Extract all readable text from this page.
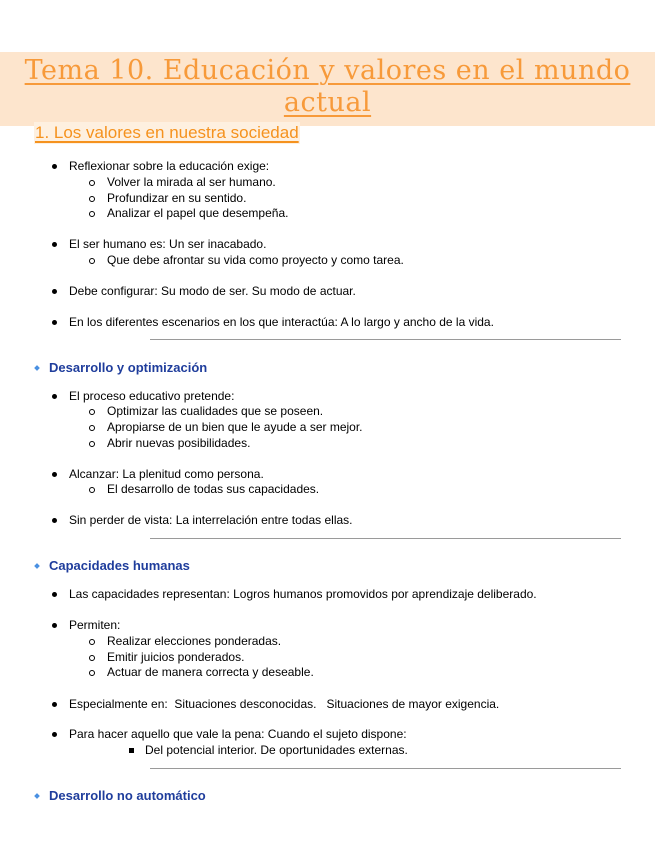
Tema 10. Educación y valores en el mundo actual
1. Los valores en nuestra sociedad
Reflexionar sobre la educación exige:
Volver la mirada al ser humano.
Profundizar en su sentido.
Analizar el papel que desempeña.
El ser humano es: Un ser inacabado.
Que debe afrontar su vida como proyecto y como tarea.
Debe configurar: Su modo de ser. Su modo de actuar.
En los diferentes escenarios en los que interactúa: A lo largo y ancho de la vida.
Desarrollo y optimización
El proceso educativo pretende:
Optimizar las cualidades que se poseen.
Apropiarse de un bien que le ayude a ser mejor.
Abrir nuevas posibilidades.
Alcanzar: La plenitud como persona.
El desarrollo de todas sus capacidades.
Sin perder de vista: La interrelación entre todas ellas.
Capacidades humanas
Las capacidades representan: Logros humanos promovidos por aprendizaje deliberado.
Permiten:
Realizar elecciones ponderadas.
Emitir juicios ponderados.
Actuar de manera correcta y deseable.
Especialmente en:  Situaciones desconocidas.   Situaciones de mayor exigencia.
Para hacer aquello que vale la pena: Cuando el sujeto dispone:
Del potencial interior. De oportunidades externas.
Desarrollo no automático
